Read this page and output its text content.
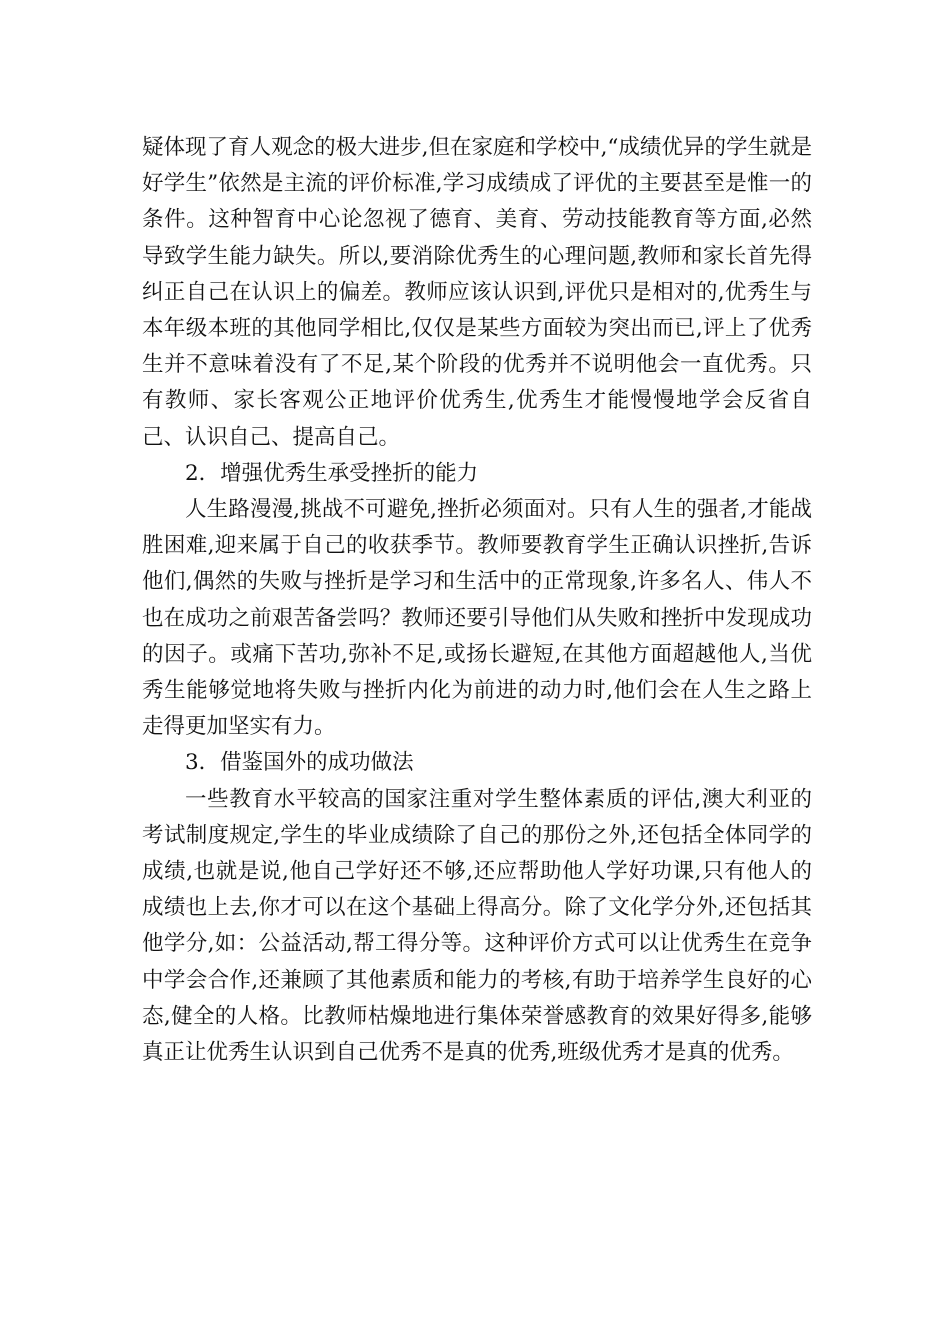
疑体现了育人观念的极大进步,但在家庭和学校中,“成绩优异的学生就是好学生”依然是主流的评价标准,学习成绩成了评优的主要甚至是惟一的条件。这种智育中心论忽视了德育、美育、劳动技能教育等方面,必然导致学生能力缺失。所以,要消除优秀生的心理问题,教师和家长首先得纠正自己在认识上的偏差。教师应该认识到,评优只是相对的,优秀生与本年级本班的其他同学相比,仅仅是某些方面较为突出而已,评上了优秀生并不意味着没有了不足,某个阶段的优秀并不说明他会一直优秀。只有教师、家长客观公正地评价优秀生,优秀生才能慢慢地学会反省自己、认识自己、提高自己。

2．增强优秀生承受挫折的能力

人生路漫漫,挑战不可避免,挫折必须面对。只有人生的强者,才能战胜困难,迎来属于自己的收获季节。教师要教育学生正确认识挫折,告诉他们,偶然的失败与挫折是学习和生活中的正常现象,许多名人、伟人不也在成功之前艰苦备尝吗？教师还要引导他们从失败和挫折中发现成功的因子。或痛下苦功,弥补不足,或扬长避短,在其他方面超越他人,当优秀生能够觉地将失败与挫折内化为前进的动力时,他们会在人生之路上走得更加坚实有力。

3．借鉴国外的成功做法

一些教育水平较高的国家注重对学生整体素质的评估,澳大利亚的考试制度规定,学生的毕业成绩除了自己的那份之外,还包括全体同学的成绩,也就是说,他自己学好还不够,还应帮助他人学好功课,只有他人的成绩也上去,你才可以在这个基础上得高分。除了文化学分外,还包括其他学分,如：公益活动,帮工得分等。这种评价方式可以让优秀生在竞争中学会合作,还兼顾了其他素质和能力的考核,有助于培养学生良好的心态,健全的人格。比教师枯燥地进行集体荣誉感教育的效果好得多,能够真正让优秀生认识到自己优秀不是真的优秀,班级优秀才是真的优秀。
